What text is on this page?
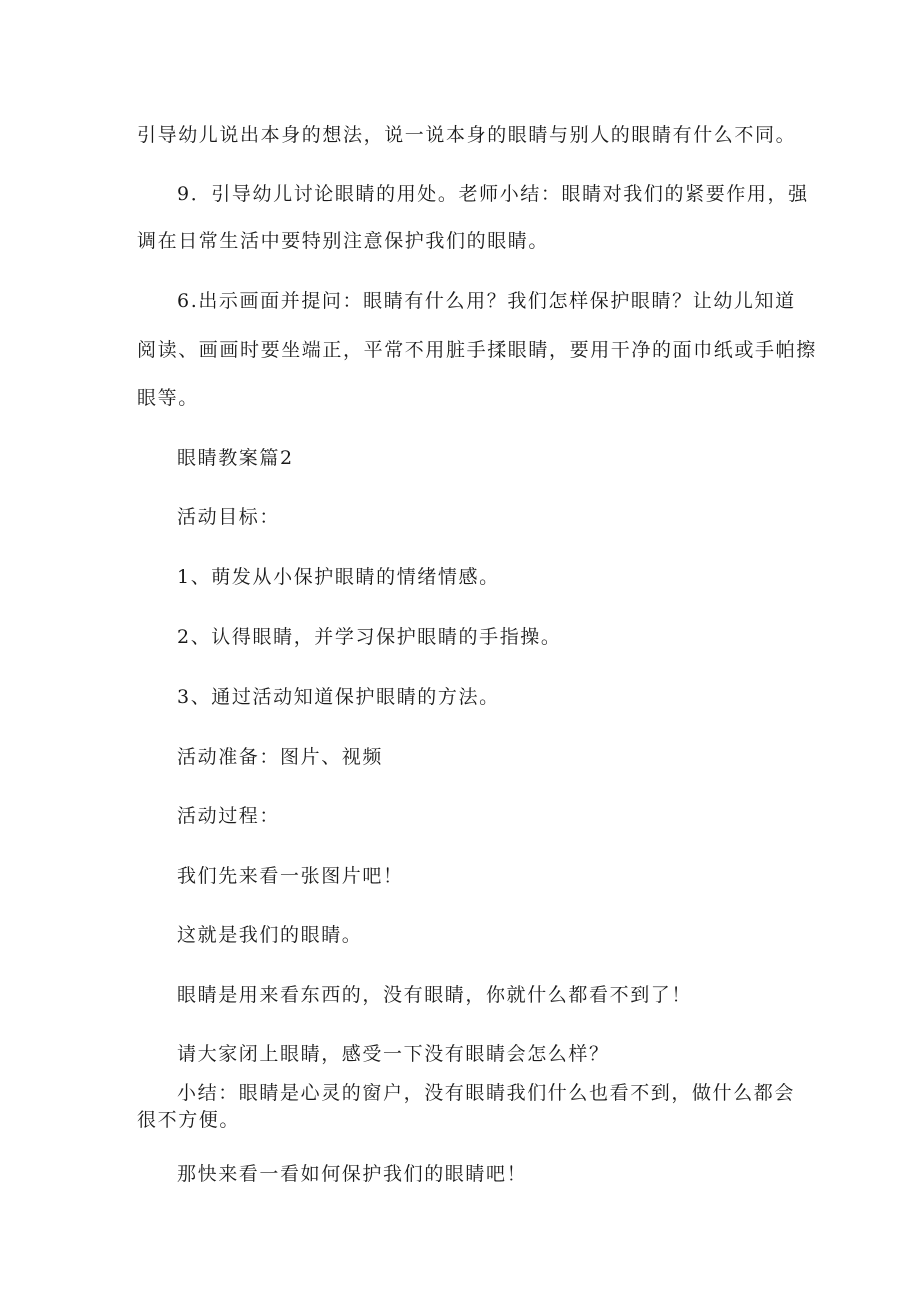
引导幼儿说出本身的想法，说一说本身的眼睛与别人的眼睛有什么不同。

9．引导幼儿讨论眼睛的用处。老师小结：眼睛对我们的紧要作用，强

调在日常生活中要特别注意保护我们的眼睛。

6.出示画面并提问：眼睛有什么用？我们怎样保护眼睛？让幼儿知道

阅读、画画时要坐端正，平常不用脏手揉眼睛，要用干净的面巾纸或手帕擦

眼等。

眼睛教案篇2

活动目标：

1、萌发从小保护眼睛的情绪情感。

2、认得眼睛，并学习保护眼睛的手指操。

3、通过活动知道保护眼睛的方法。

活动准备：图片、视频

活动过程：

我们先来看一张图片吧！

这就是我们的眼睛。

眼睛是用来看东西的，没有眼睛，你就什么都看不到了！

请大家闭上眼睛，感受一下没有眼睛会怎么样？

小结：眼睛是心灵的窗户，没有眼睛我们什么也看不到，做什么都会

很不方便。

那快来看一看如何保护我们的眼睛吧！
